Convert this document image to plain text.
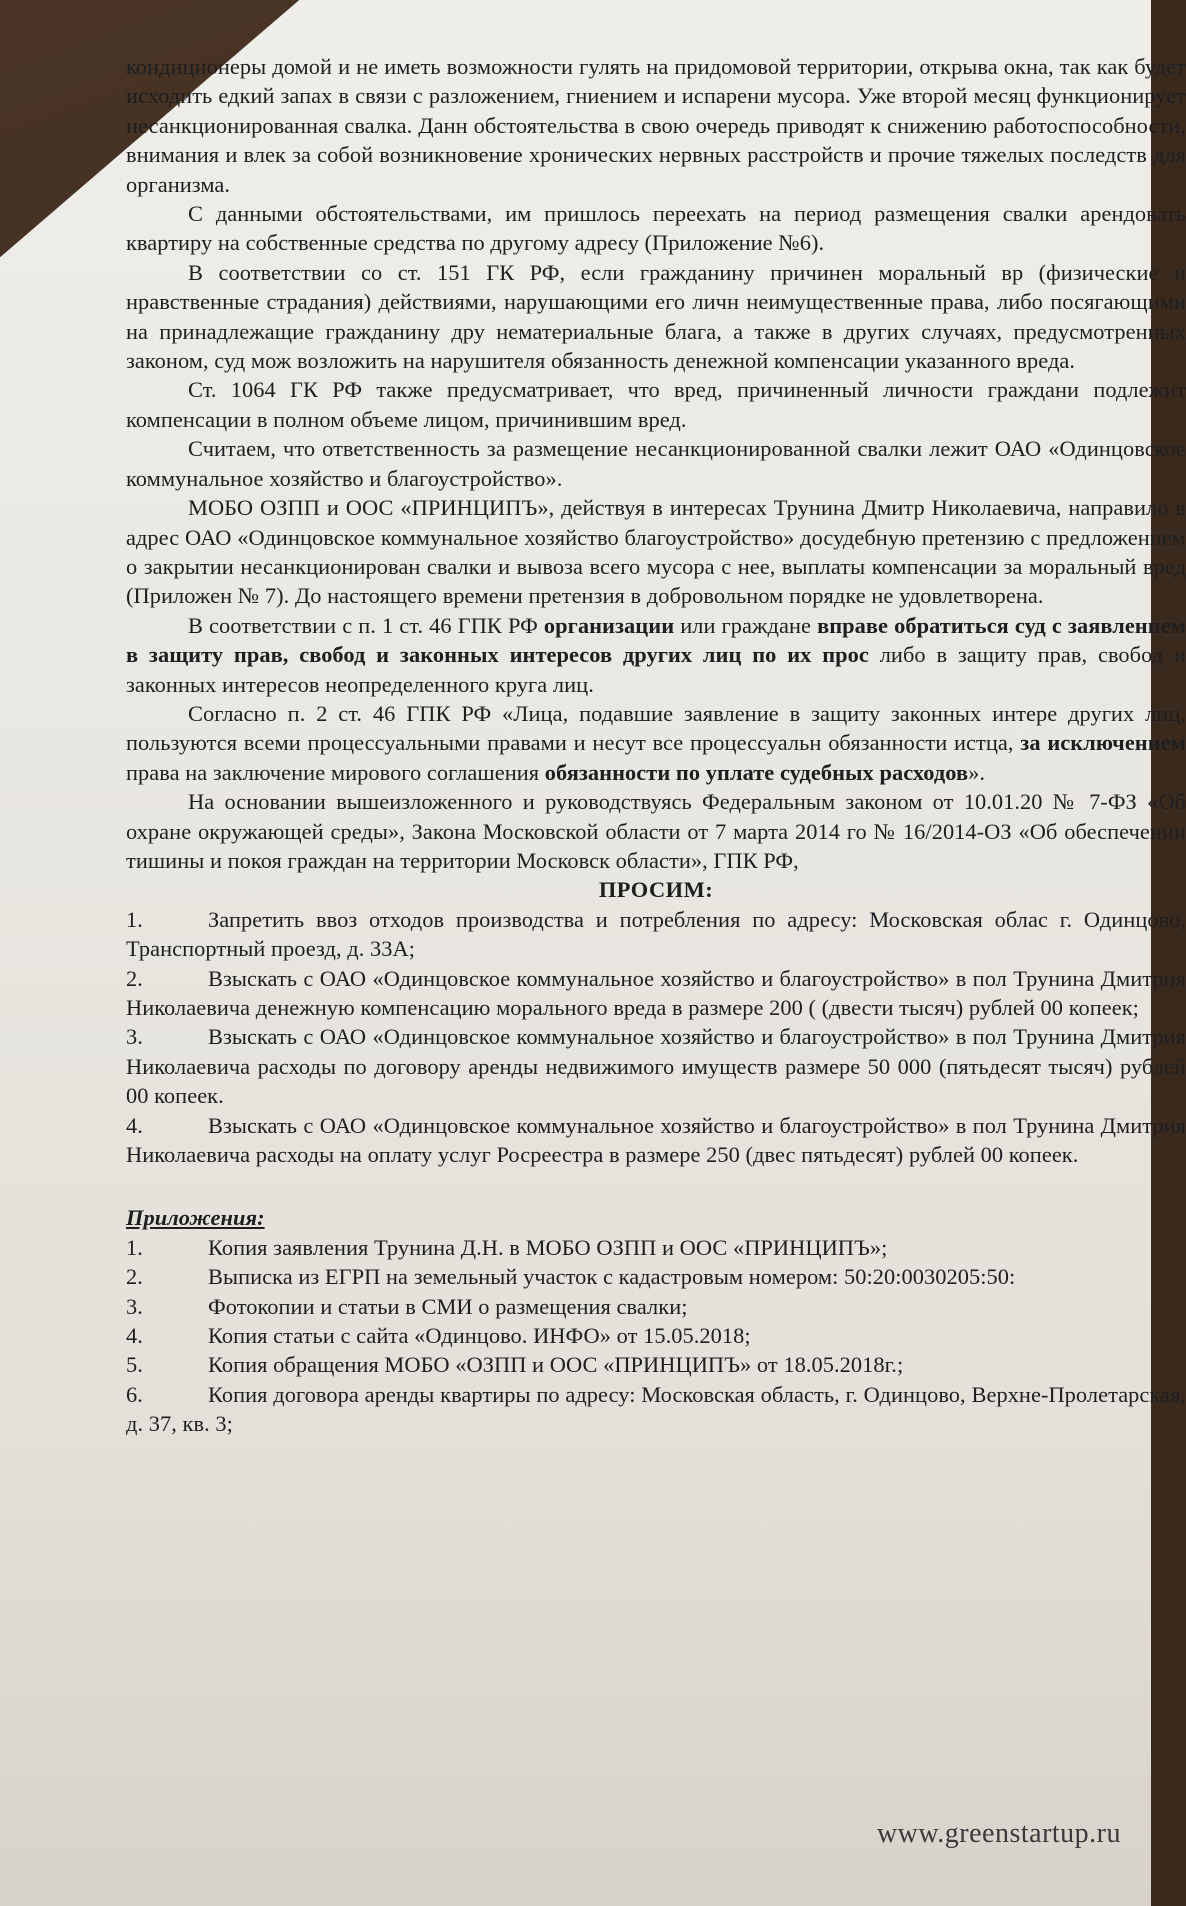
кондиционеры домой и не иметь возможности гулять на придомовой территории, открыва окна, так как будет исходить едкий запах в связи с разложением, гниением и испарени мусора. Уже второй месяц функционирует несанкционированная свалка. Данн обстоятельства в свою очередь приводят к снижению работоспособности, внимания и влек за собой возникновение хронических нервных расстройств и прочие тяжелых последств для организма.

С данными обстоятельствами, им пришлось переехать на период размещения свалки арендовать квартиру на собственные средства по другому адресу (Приложение №6).

В соответствии со ст. 151 ГК РФ, если гражданину причинен моральный вр (физические и нравственные страдания) действиями, нарушающими его личн неимущественные права, либо посягающими на принадлежащие гражданину дру нематериальные блага, а также в других случаях, предусмотренных законом, суд мож возложить на нарушителя обязанность денежной компенсации указанного вреда.

Ст. 1064 ГК РФ также предусматривает, что вред, причиненный личности граждани подлежит компенсации в полном объеме лицом, причинившим вред.

Считаем, что ответственность за размещение несанкционированной свалки лежит ОАО «Одинцовское коммунальное хозяйство и благоустройство».

МОБО ОЗПП и ООС «ПРИНЦИПЪ», действуя в интересах Трунина Дмитр Николаевича, направило в адрес ОАО «Одинцовское коммунальное хозяйство благоустройство» досудебную претензию с предложением о закрытии несанкционирован свалки и вывоза всего мусора с нее, выплаты компенсации за моральный вред (Приложен № 7). До настоящего времени претензия в добровольном порядке не удовлетворена.

В соответствии с п. 1 ст. 46 ГПК РФ организации или граждане вправе обратиться суд с заявлением в защиту прав, свобод и законных интересов других лиц по их прос либо в защиту прав, свобод и законных интересов неопределенного круга лиц.

Согласно п. 2 ст. 46 ГПК РФ «Лица, подавшие заявление в защиту законных интере других лиц, пользуются всеми процессуальными правами и несут все процессуальн обязанности истца, за исключением права на заключение мирового соглашения обязанности по уплате судебных расходов».

На основании вышеизложенного и руководствуясь Федеральным законом от 10.01.20 № 7-ФЗ «Об охране окружающей среды», Закона Московской области от 7 марта 2014 го № 16/2014-ОЗ «Об обеспечении тишины и покоя граждан на территории Московск области», ГПК РФ,

ПРОСИМ:

1.	Запретить ввоз отходов производства и потребления по адресу: Московская облас г. Одинцово, Транспортный проезд, д. 33А;

2.	Взыскать с ОАО «Одинцовское коммунальное хозяйство и благоустройство» в пол Трунина Дмитрия Николаевича денежную компенсацию морального вреда в размере 200 ( (двести тысяч) рублей 00 копеек;

3.	Взыскать с ОАО «Одинцовское коммунальное хозяйство и благоустройство» в пол Трунина Дмитрия Николаевича расходы по договору аренды недвижимого имуществ размере 50 000 (пятьдесят тысяч) рублей 00 копеек.

4.	Взыскать с ОАО «Одинцовское коммунальное хозяйство и благоустройство» в пол Трунина Дмитрия Николаевича расходы на оплату услуг Росреестра в размере 250 (двес пятьдесят) рублей 00 копеек.

Приложения:

1.	Копия заявления Трунина Д.Н. в МОБО ОЗПП и ООС «ПРИНЦИПЪ»;

2.	Выписка из ЕГРП на земельный участок с кадастровым номером: 50:20:0030205:50:

3.	Фотокопии и статьи в СМИ о размещения свалки;

4.	Копия статьи с сайта «Одинцово. ИНФО» от 15.05.2018;

5.	Копия обращения МОБО «ОЗПП и ООС «ПРИНЦИПЪ» от 18.05.2018г.;

6.	Копия договора аренды квартиры по адресу: Московская область, г. Одинцово, Верхне-Пролетарская, д. 37, кв. 3;

www.greenstartup.ru
